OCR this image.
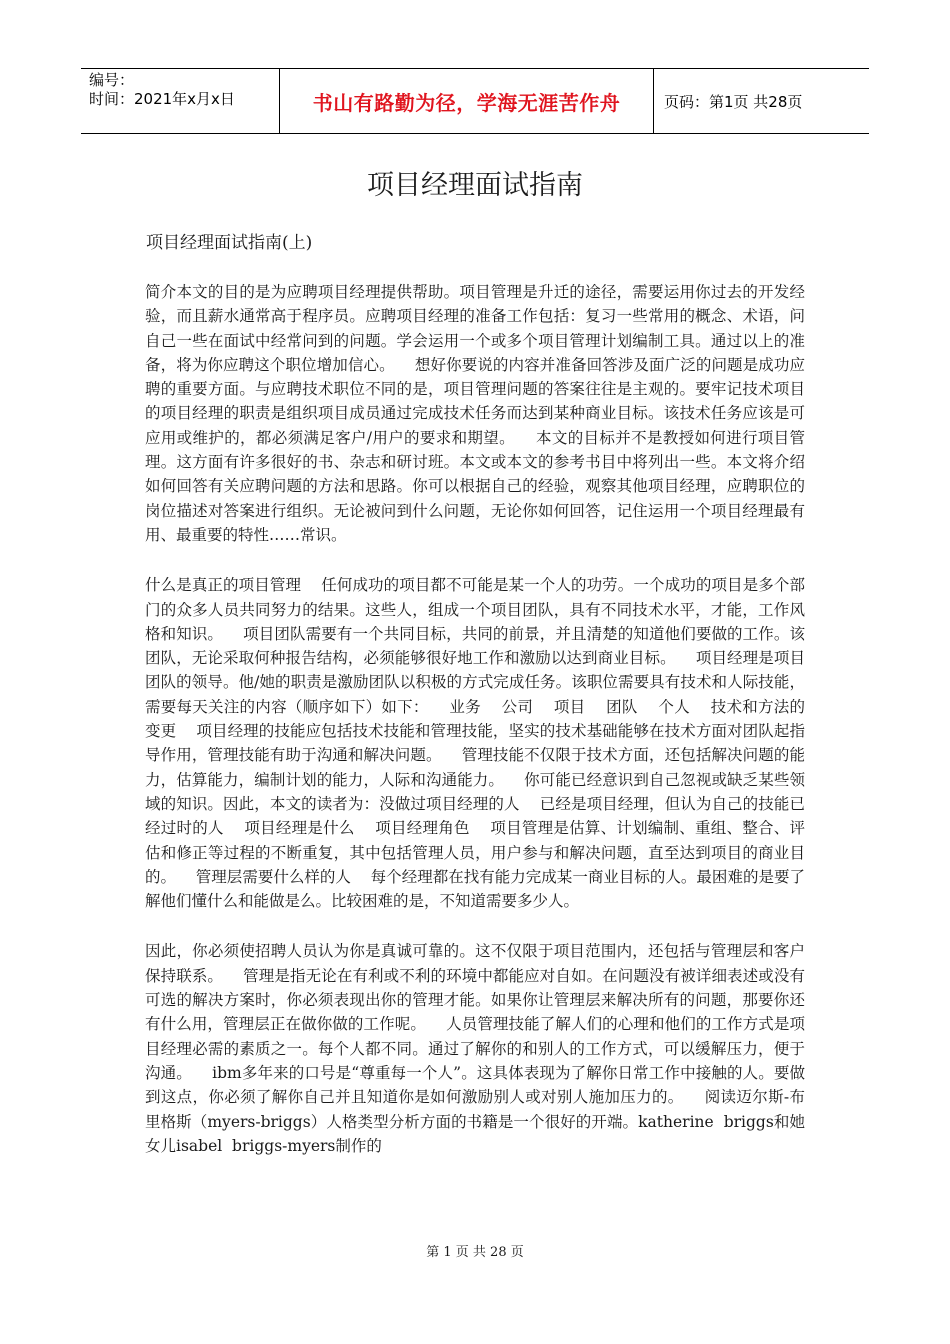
编号：
时间：2021年x月x日	书山有路勤为径，学海无涯苦作舟	页码：第1页 共28页
项目经理面试指南
项目经理面试指南(上)

简介本文的目的是为应聘项目经理提供帮助。项目管理是升迁的途径，需要运用你过去的开发经验，而且薪水通常高于程序员。应聘项目经理的准备工作包括：复习一些常用的概念、术语，问自己一些在面试中经常问到的问题。学会运用一个或多个项目管理计划编制工具。通过以上的准备，将为你应聘这个职位增加信心。    想好你要说的内容并准备回答涉及面广泛的问题是成功应聘的重要方面。与应聘技术职位不同的是，项目管理问题的答案往往是主观的。要牢记技术项目的项目经理的职责是组织项目成员通过完成技术任务而达到某种商业目标。该技术任务应该是可应用或维护的，都必须满足客户/用户的要求和期望。    本文的目标并不是教授如何进行项目管理。这方面有许多很好的书、杂志和研讨班。本文或本文的参考书目中将列出一些。本文将介绍如何回答有关应聘问题的方法和思路。你可以根据自己的经验，观察其他项目经理，应聘职位的岗位描述对答案进行组织。无论被问到什么问题，无论你如何回答，记住运用一个项目经理最有用、最重要的特性……常识。

什么是真正的项目管理    任何成功的项目都不可能是某一个人的功劳。一个成功的项目是多个部门的众多人员共同努力的结果。这些人，组成一个项目团队，具有不同技术水平，才能，工作风格和知识。    项目团队需要有一个共同目标，共同的前景，并且清楚的知道他们要做的工作。该团队，无论采取何种报告结构，必须能够很好地工作和激励以达到商业目标。    项目经理是项目团队的领导。他/她的职责是激励团队以积极的方式完成任务。该职位需要具有技术和人际技能，需要每天关注的内容（顺序如下）如下：    业务    公司    项目    团队    个人    技术和方法的变更    项目经理的技能应包括技术技能和管理技能，坚实的技术基础能够在技术方面对团队起指导作用，管理技能有助于沟通和解决问题。    管理技能不仅限于技术方面，还包括解决问题的能力，估算能力，编制计划的能力，人际和沟通能力。    你可能已经意识到自己忽视或缺乏某些领域的知识。因此，本文的读者为：没做过项目经理的人    已经是项目经理，但认为自己的技能已经过时的人    项目经理是什么    项目经理角色    项目管理是估算、计划编制、重组、整合、评估和修正等过程的不断重复，其中包括管理人员，用户参与和解决问题，直至达到项目的商业目的。    管理层需要什么样的人    每个经理都在找有能力完成某一商业目标的人。最困难的是要了解他们懂什么和能做是么。比较困难的是，不知道需要多少人。

因此，你必须使招聘人员认为你是真诚可靠的。这不仅限于项目范围内，还包括与管理层和客户保持联系。    管理是指无论在有利或不利的环境中都能应对自如。在问题没有被详细表述或没有可选的解决方案时，你必须表现出你的管理才能。如果你让管理层来解决所有的问题，那要你还有什么用，管理层正在做你做的工作呢。    人员管理技能了解人们的心理和他们的工作方式是项目经理必需的素质之一。每个人都不同。通过了解你的和别人的工作方式，可以缓解压力，便于沟通。    ibm多年来的口号是“尊重每一个人”。这具体表现为了解你日常工作中接触的人。要做到这点，你必须了解你自己并且知道你是如何激励别人或对别人施加压力的。    阅读迈尔斯-布里格斯（myers-briggs）人格类型分析方面的书籍是一个很好的开端。katherine  briggs和她女儿isabel  briggs-myers制作的

第 1 页 共 28 页
